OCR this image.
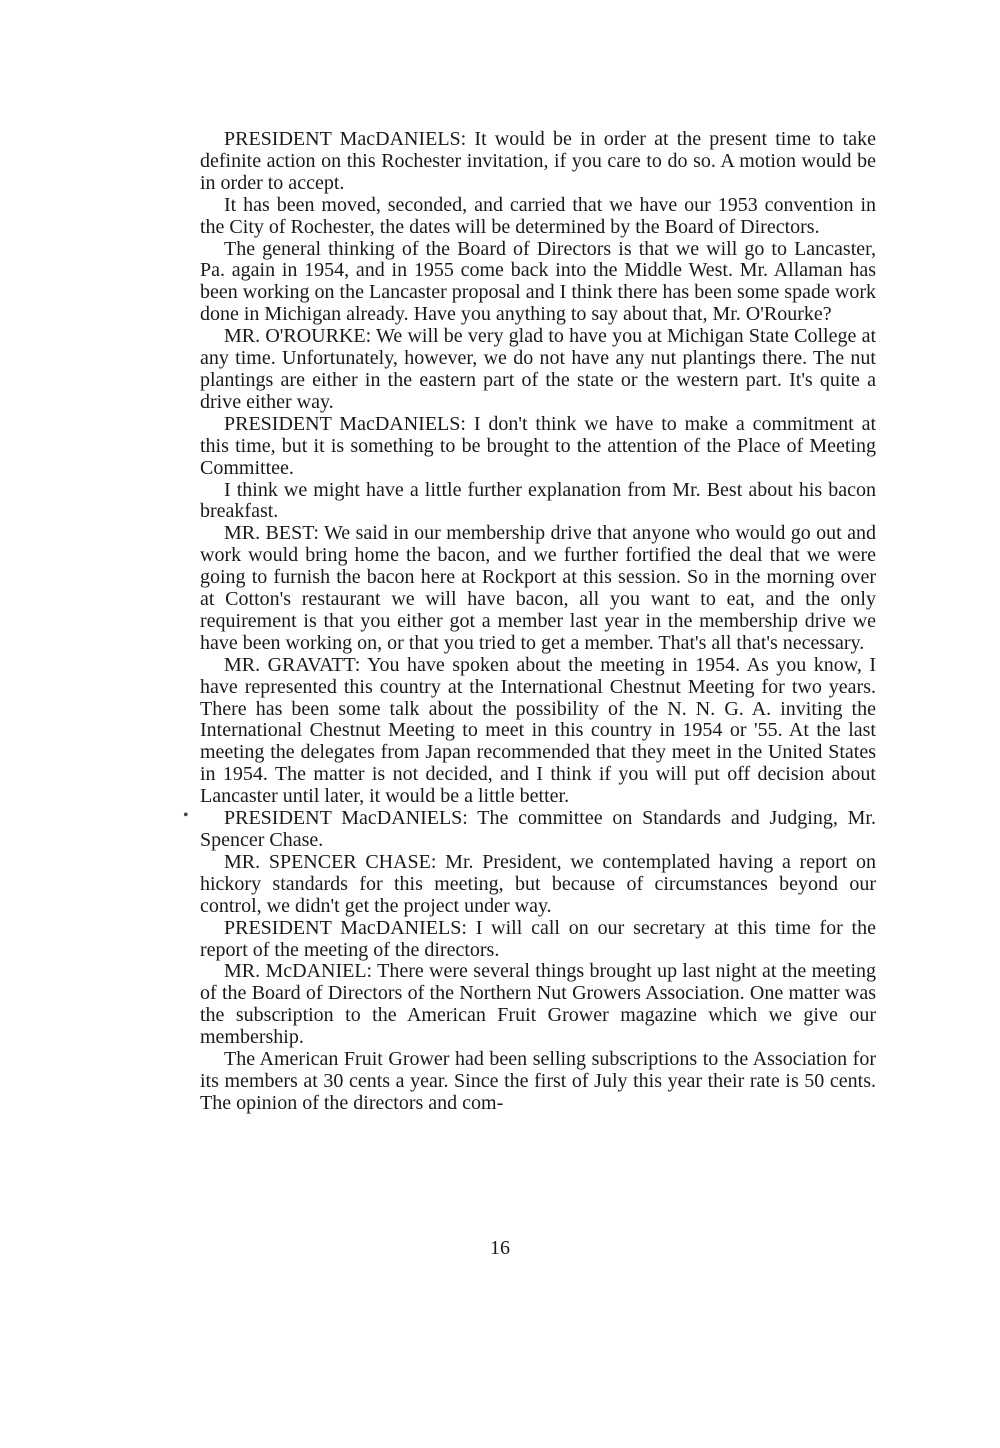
PRESIDENT MacDANIELS: It would be in order at the present time to take definite action on this Rochester invitation, if you care to do so. A motion would be in order to accept.

It has been moved, seconded, and carried that we have our 1953 convention in the City of Rochester, the dates will be determined by the Board of Directors.

The general thinking of the Board of Directors is that we will go to Lancaster, Pa. again in 1954, and in 1955 come back into the Middle West. Mr. Allaman has been working on the Lancaster proposal and I think there has been some spade work done in Michigan already. Have you anything to say about that, Mr. O'Rourke?

MR. O'ROURKE: We will be very glad to have you at Michigan State College at any time. Unfortunately, however, we do not have any nut plantings there. The nut plantings are either in the eastern part of the state or the western part. It's quite a drive either way.

PRESIDENT MacDANIELS: I don't think we have to make a commitment at this time, but it is something to be brought to the attention of the Place of Meeting Committee.

I think we might have a little further explanation from Mr. Best about his bacon breakfast.

MR. BEST: We said in our membership drive that anyone who would go out and work would bring home the bacon, and we further fortified the deal that we were going to furnish the bacon here at Rockport at this session. So in the morning over at Cotton's restaurant we will have bacon, all you want to eat, and the only requirement is that you either got a member last year in the membership drive we have been working on, or that you tried to get a member. That's all that's necessary.

MR. GRAVATT: You have spoken about the meeting in 1954. As you know, I have represented this country at the International Chestnut Meeting for two years. There has been some talk about the possibility of the N. N. G. A. inviting the International Chestnut Meeting to meet in this country in 1954 or '55. At the last meeting the delegates from Japan recommended that they meet in the United States in 1954. The matter is not decided, and I think if you will put off decision about Lancaster until later, it would be a little better.

PRESIDENT MacDANIELS: The committee on Standards and Judging, Mr. Spencer Chase.

MR. SPENCER CHASE: Mr. President, we contemplated having a report on hickory standards for this meeting, but because of circumstances beyond our control, we didn't get the project under way.

PRESIDENT MacDANIELS: I will call on our secretary at this time for the report of the meeting of the directors.

MR. McDANIEL: There were several things brought up last night at the meeting of the Board of Directors of the Northern Nut Growers Association. One matter was the subscription to the American Fruit Grower magazine which we give our membership.

The American Fruit Grower had been selling subscriptions to the Association for its members at 30 cents a year. Since the first of July this year their rate is 50 cents. The opinion of the directors and com-

16
•
